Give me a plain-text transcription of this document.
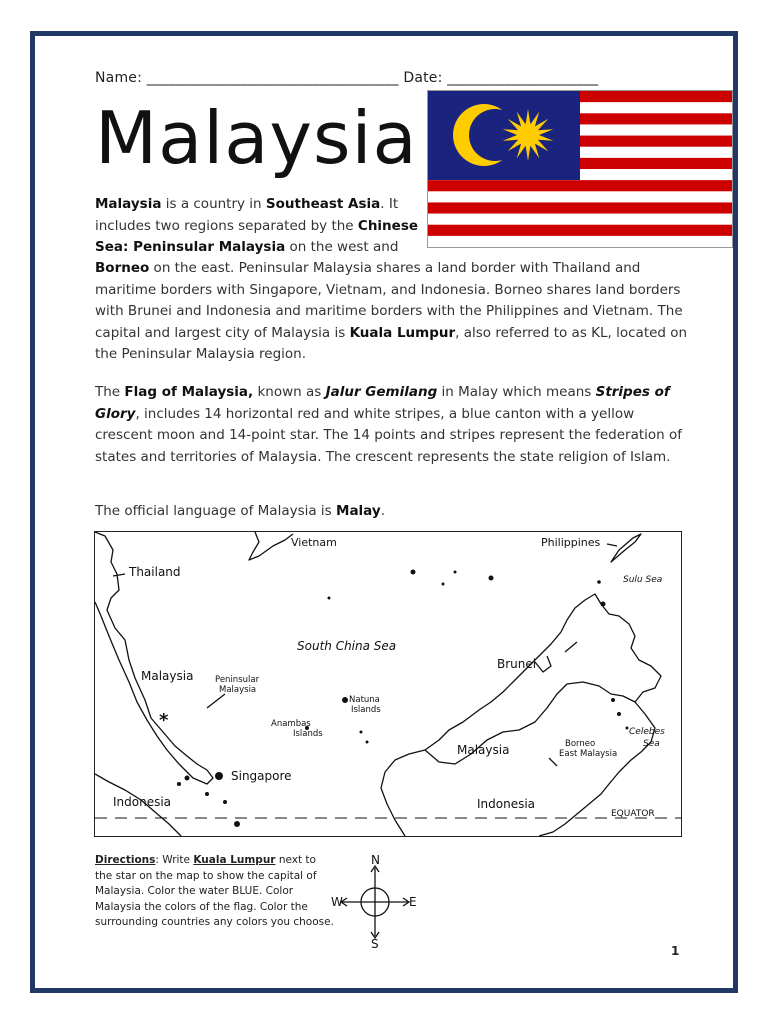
Name: ___________________________________ Date: _____________________
Malaysia
Malaysia is a country in Southeast Asia. It includes two regions separated by the Chinese Sea: Peninsular Malaysia on the west and
Borneo on the east. Peninsular Malaysia shares a land border with Thailand and maritime borders with Singapore, Vietnam, and Indonesia. Borneo shares land borders with Brunei and Indonesia and maritime borders with the Philippines and Vietnam. The capital and largest city of Malaysia is Kuala Lumpur, also referred to as KL, located on the Peninsular Malaysia region.
The Flag of Malaysia, known as Jalur Gemilang in Malay which means Stripes of Glory, includes 14 horizontal red and white stripes, a blue canton with a yellow crescent moon and 14-point star. The 14 points and stripes represent the federation of states and territories of Malaysia. The crescent represents the state religion of Islam.
The official language of Malaysia is Malay.
*
Vietnam	Philippines
Thailand
Sulu Sea
South China Sea
Brunei
Malaysia	Peninsular
Malaysia
Natuna
Islands
Anambas
Islands	Celebes
Sea
Borneo
East Malaysia
Malaysia
Singapore
Indonesia	Indonesia
EQUATOR
Directions: Write Kuala Lumpur next to the star on the map to show the capital of Malaysia. Color the water BLUE. Color Malaysia the colors of the flag. Color the surrounding countries any colors you choose.
N
S
E
W
1
